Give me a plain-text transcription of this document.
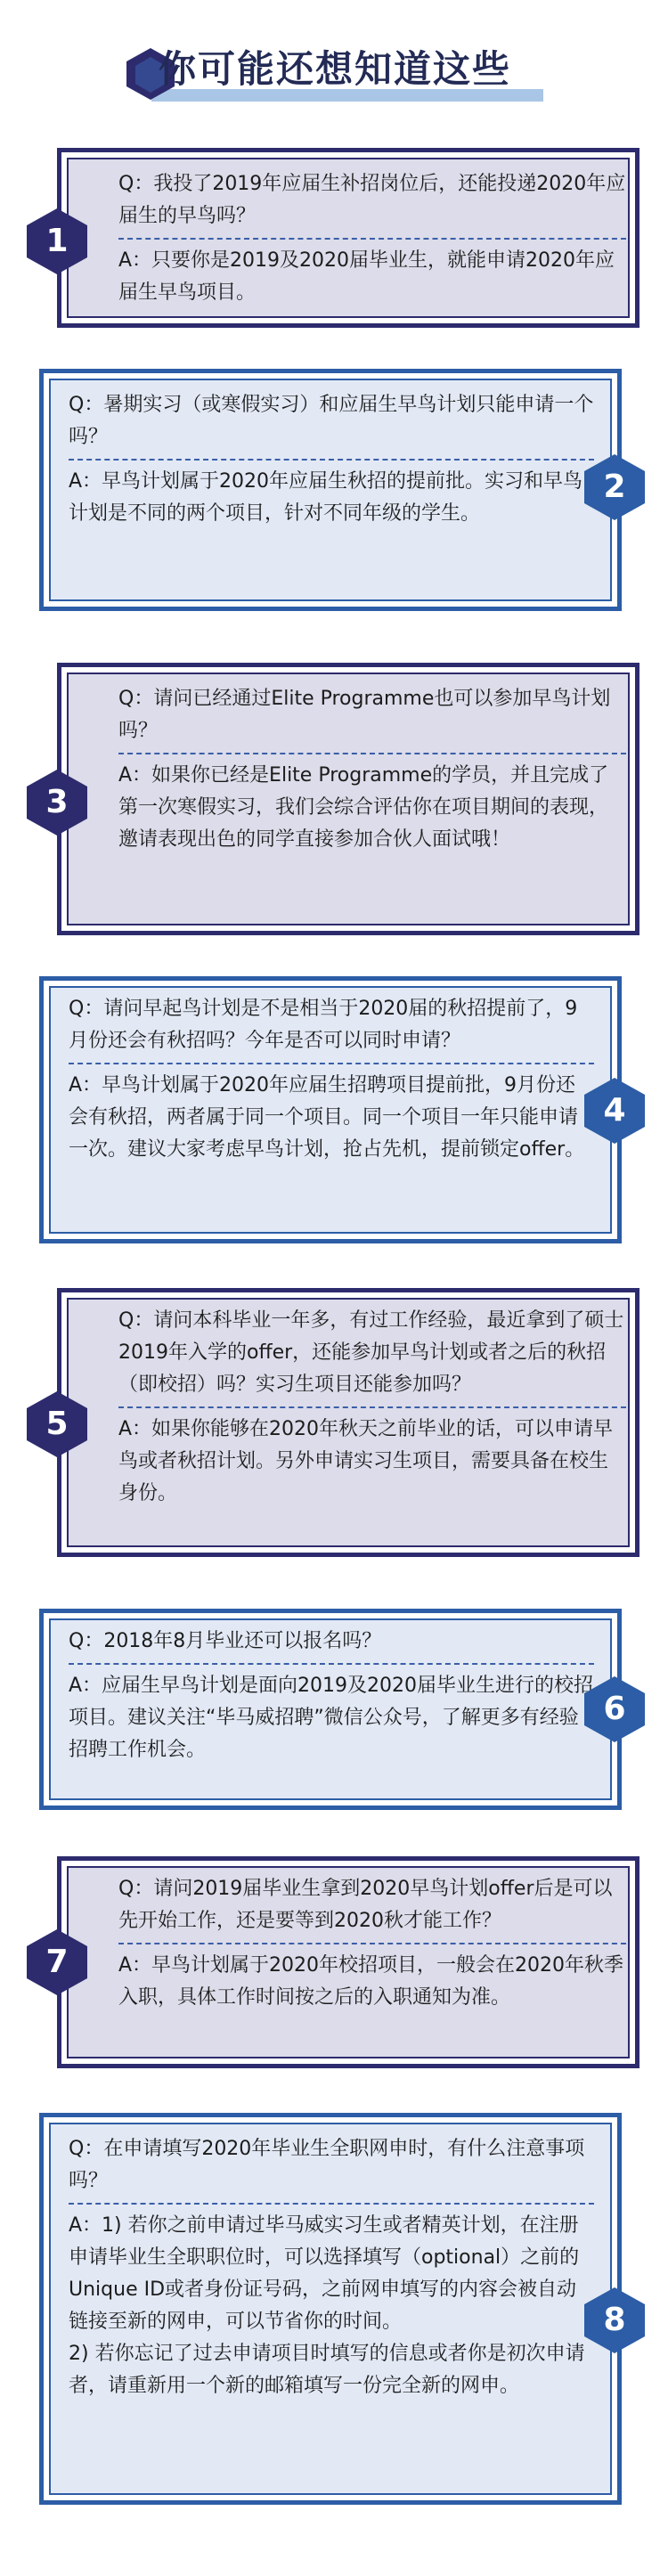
你可能还想知道这些
Q：我投了2019年应届生补招岗位后，还能投递2020年应届生的早鸟吗？
A：只要你是2019及2020届毕业生，就能申请2020年应届生早鸟项目。
1
Q：暑期实习（或寒假实习）和应届生早鸟计划只能申请一个吗？
A：早鸟计划属于2020年应届生秋招的提前批。实习和早鸟计划是不同的两个项目，针对不同年级的学生。
2
Q：请问已经通过Elite Programme也可以参加早鸟计划吗？
A：如果你已经是Elite Programme的学员，并且完成了第一次寒假实习，我们会综合评估你在项目期间的表现，邀请表现出色的同学直接参加合伙人面试哦！
3
Q：请问早起鸟计划是不是相当于2020届的秋招提前了，9月份还会有秋招吗？今年是否可以同时申请？
A：早鸟计划属于2020年应届生招聘项目提前批，9月份还会有秋招，两者属于同一个项目。同一个项目一年只能申请一次。建议大家考虑早鸟计划，抢占先机，提前锁定offer。
4
Q：请问本科毕业一年多，有过工作经验，最近拿到了硕士2019年入学的offer，还能参加早鸟计划或者之后的秋招（即校招）吗？实习生项目还能参加吗？
A：如果你能够在2020年秋天之前毕业的话，可以申请早鸟或者秋招计划。另外申请实习生项目，需要具备在校生身份。
5
Q：2018年8月毕业还可以报名吗？
A：应届生早鸟计划是面向2019及2020届毕业生进行的校招项目。建议关注“毕马威招聘”微信公众号，了解更多有经验招聘工作机会。
6
Q：请问2019届毕业生拿到2020早鸟计划offer后是可以先开始工作，还是要等到2020秋才能工作？
A：早鸟计划属于2020年校招项目，一般会在2020年秋季入职，具体工作时间按之后的入职通知为准。
7
Q：在申请填写2020年毕业生全职网申时，有什么注意事项吗？
A：1) 若你之前申请过毕马威实习生或者精英计划，在注册申请毕业生全职职位时，可以选择填写（optional）之前的Unique ID或者身份证号码，之前网申填写的内容会被自动链接至新的网申，可以节省你的时间。
2) 若你忘记了过去申请项目时填写的信息或者你是初次申请者，请重新用一个新的邮箱填写一份完全新的网申。
8
